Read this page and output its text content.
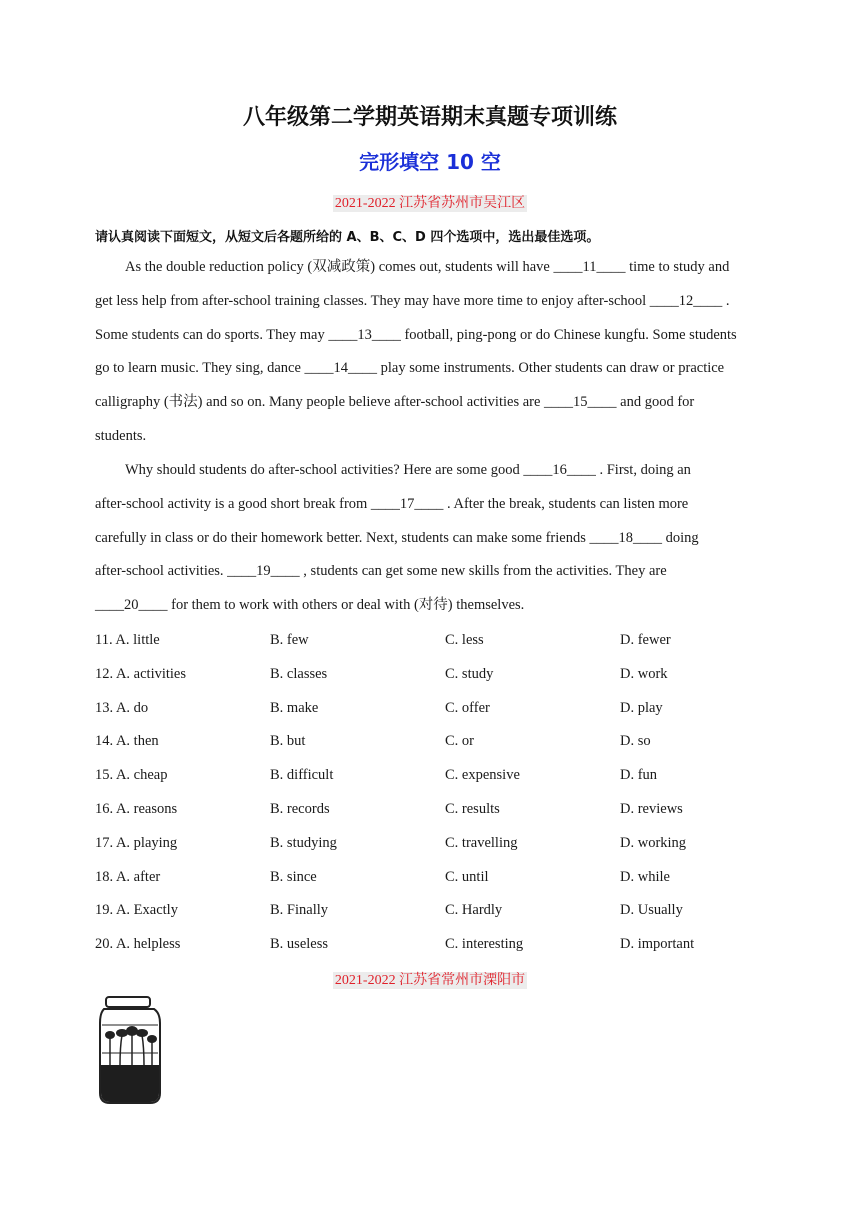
八年级第二学期英语期末真题专项训练
完形填空 10 空
2021-2022 江苏省苏州市吴江区
请认真阅读下面短文，从短文后各题所给的 A、B、C、D 四个选项中，选出最佳选项。
As the double reduction policy (双减政策) comes out, students will have ____11____ time to study and
get less help from after-school training classes. They may have more time to enjoy after-school ____12____ .
Some students can do sports. They may ____13____ football, ping-pong or do Chinese kungfu. Some students
go to learn music. They sing, dance ____14____ play some instruments. Other students can draw or practice
calligraphy (书法) and so on. Many people believe after-school activities are ____15____ and good for
students.
Why should students do after-school activities? Here are some good ____16____ . First, doing an
after-school activity is a good short break from ____17____ . After the break, students can listen more
carefully in class or do their homework better. Next, students can make some friends ____18____ doing
after-school activities. ____19____ , students can get some new skills from the activities. They are
____20____ for them to work with others or deal with (对待) themselves.
11. A. little	B. few	C. less	D. fewer
12. A. activities	B. classes	C. study	D. work
13. A. do	B. make	C. offer	D. play
14. A. then	B. but	C. or	D. so
15. A. cheap	B. difficult	C. expensive	D. fun
16. A. reasons	B. records	C. results	D. reviews
17. A. playing	B. studying	C. travelling	D. working
18. A. after	B. since	C. until	D. while
19. A. Exactly	B. Finally	C. Hardly	D. Usually
20. A. helpless	B. useless	C. interesting	D. important
2021-2022 江苏省常州市溧阳市
